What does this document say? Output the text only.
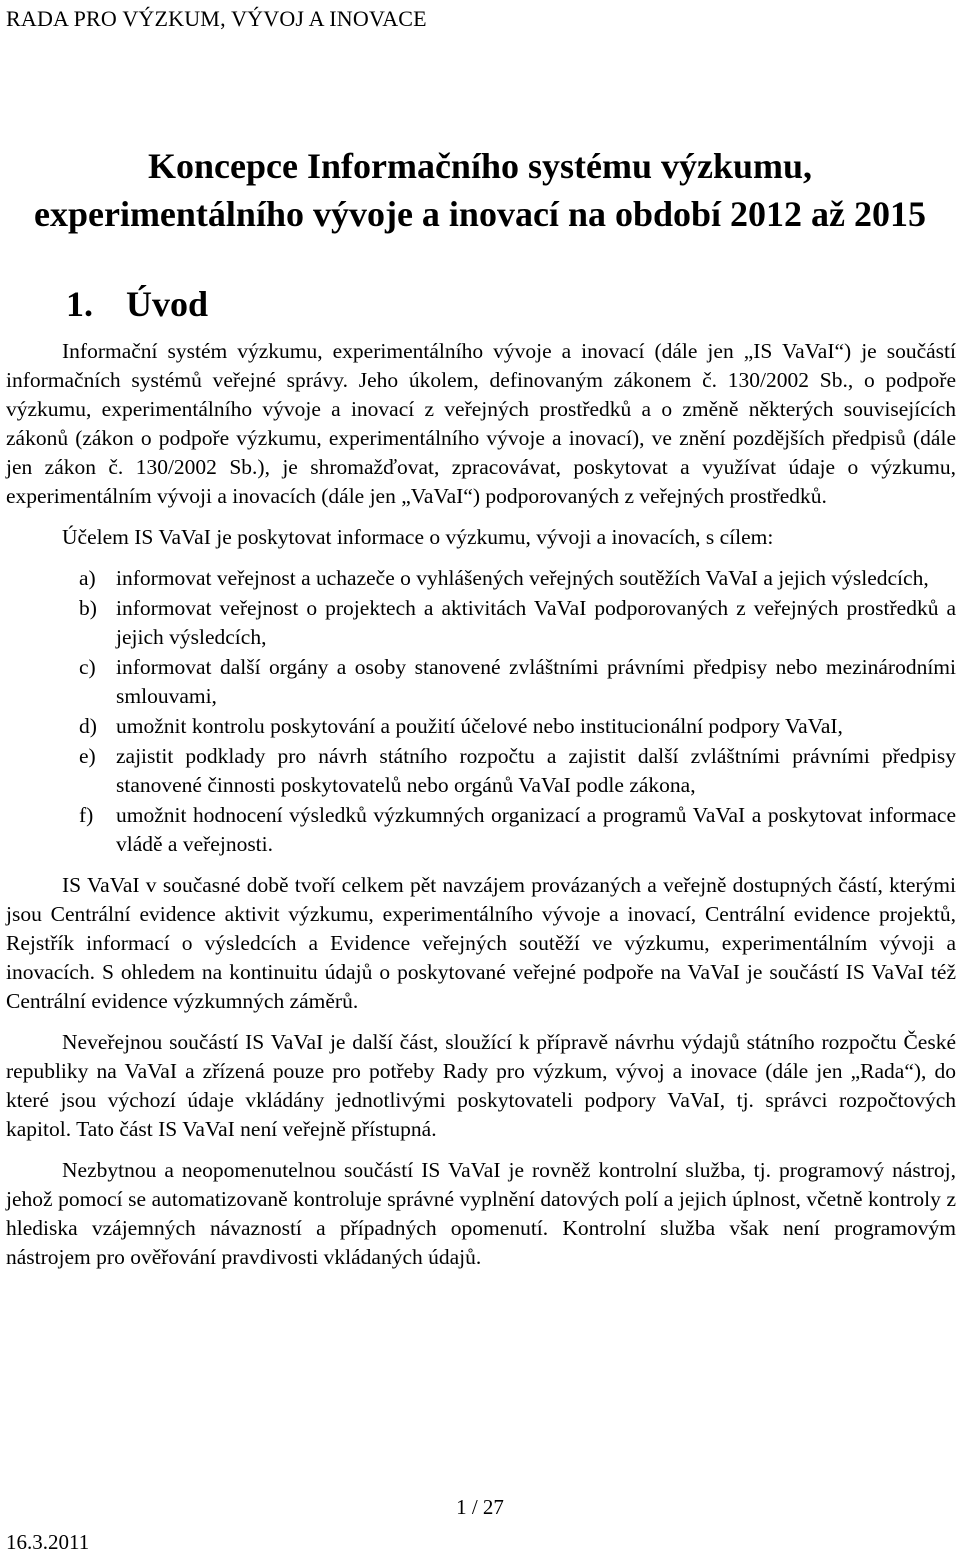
RADA PRO VÝZKUM, VÝVOJ A INOVACE
Koncepce Informačního systému výzkumu,
experimentálního vývoje a inovací na období 2012 až 2015
1. Úvod

Informační systém výzkumu, experimentálního vývoje a inovací (dále jen „IS VaVaI“) je součástí informačních systémů veřejné správy. Jeho úkolem, definovaným zákonem č. 130/2002 Sb., o podpoře výzkumu, experimentálního vývoje a inovací z veřejných prostředků a o změně některých souvisejících zákonů (zákon o podpoře výzkumu, experimentálního vývoje a inovací), ve znění pozdějších předpisů (dále jen zákon č. 130/2002 Sb.), je shromažďovat, zpracovávat, poskytovat a využívat údaje o výzkumu, experimentálním vývoji a inovacích (dále jen „VaVaI“) podporovaných z veřejných prostředků.

Účelem IS VaVaI je poskytovat informace o výzkumu, vývoji a inovacích, s cílem:

a) informovat veřejnost a uchazeče o vyhlášených veřejných soutěžích VaVaI a jejich výsledcích,
b) informovat veřejnost o projektech a aktivitách VaVaI podporovaných z veřejných prostředků a jejich výsledcích,
c) informovat další orgány a osoby stanovené zvláštními právními předpisy nebo mezinárodními smlouvami,
d) umožnit kontrolu poskytování a použití účelové nebo institucionální podpory VaVaI,
e) zajistit podklady pro návrh státního rozpočtu a zajistit další zvláštními právními předpisy stanovené činnosti poskytovatelů nebo orgánů VaVaI podle zákona,
f) umožnit hodnocení výsledků výzkumných organizací a programů VaVaI a poskytovat informace vládě a veřejnosti.

IS VaVaI v současné době tvoří celkem pět navzájem provázaných a veřejně dostupných částí, kterými jsou Centrální evidence aktivit výzkumu, experimentálního vývoje a inovací, Centrální evidence projektů, Rejstřík informací o výsledcích a Evidence veřejných soutěží ve výzkumu, experimentálním vývoji a inovacích. S ohledem na kontinuitu údajů o poskytované veřejné podpoře na VaVaI je součástí IS VaVaI též Centrální evidence výzkumných záměrů.

Neveřejnou součástí IS VaVaI je další část, sloužící k přípravě návrhu výdajů státního rozpočtu České republiky na VaVaI a zřízená pouze pro potřeby Rady pro výzkum, vývoj a inovace (dále jen „Rada“), do které jsou výchozí údaje vkládány jednotlivými poskytovateli podpory VaVaI, tj. správci rozpočtových kapitol. Tato část IS VaVaI není veřejně přístupná.

Nezbytnou a neopomenutelnou součástí IS VaVaI je rovněž kontrolní služba, tj. programový nástroj, jehož pomocí se automatizovaně kontroluje správné vyplnění datových polí a jejich úplnost, včetně kontroly z hlediska vzájemných návazností a případných opomenutí. Kontrolní služba však není programovým nástrojem pro ověřování pravdivosti vkládaných údajů.

1 / 27
16.3.2011
